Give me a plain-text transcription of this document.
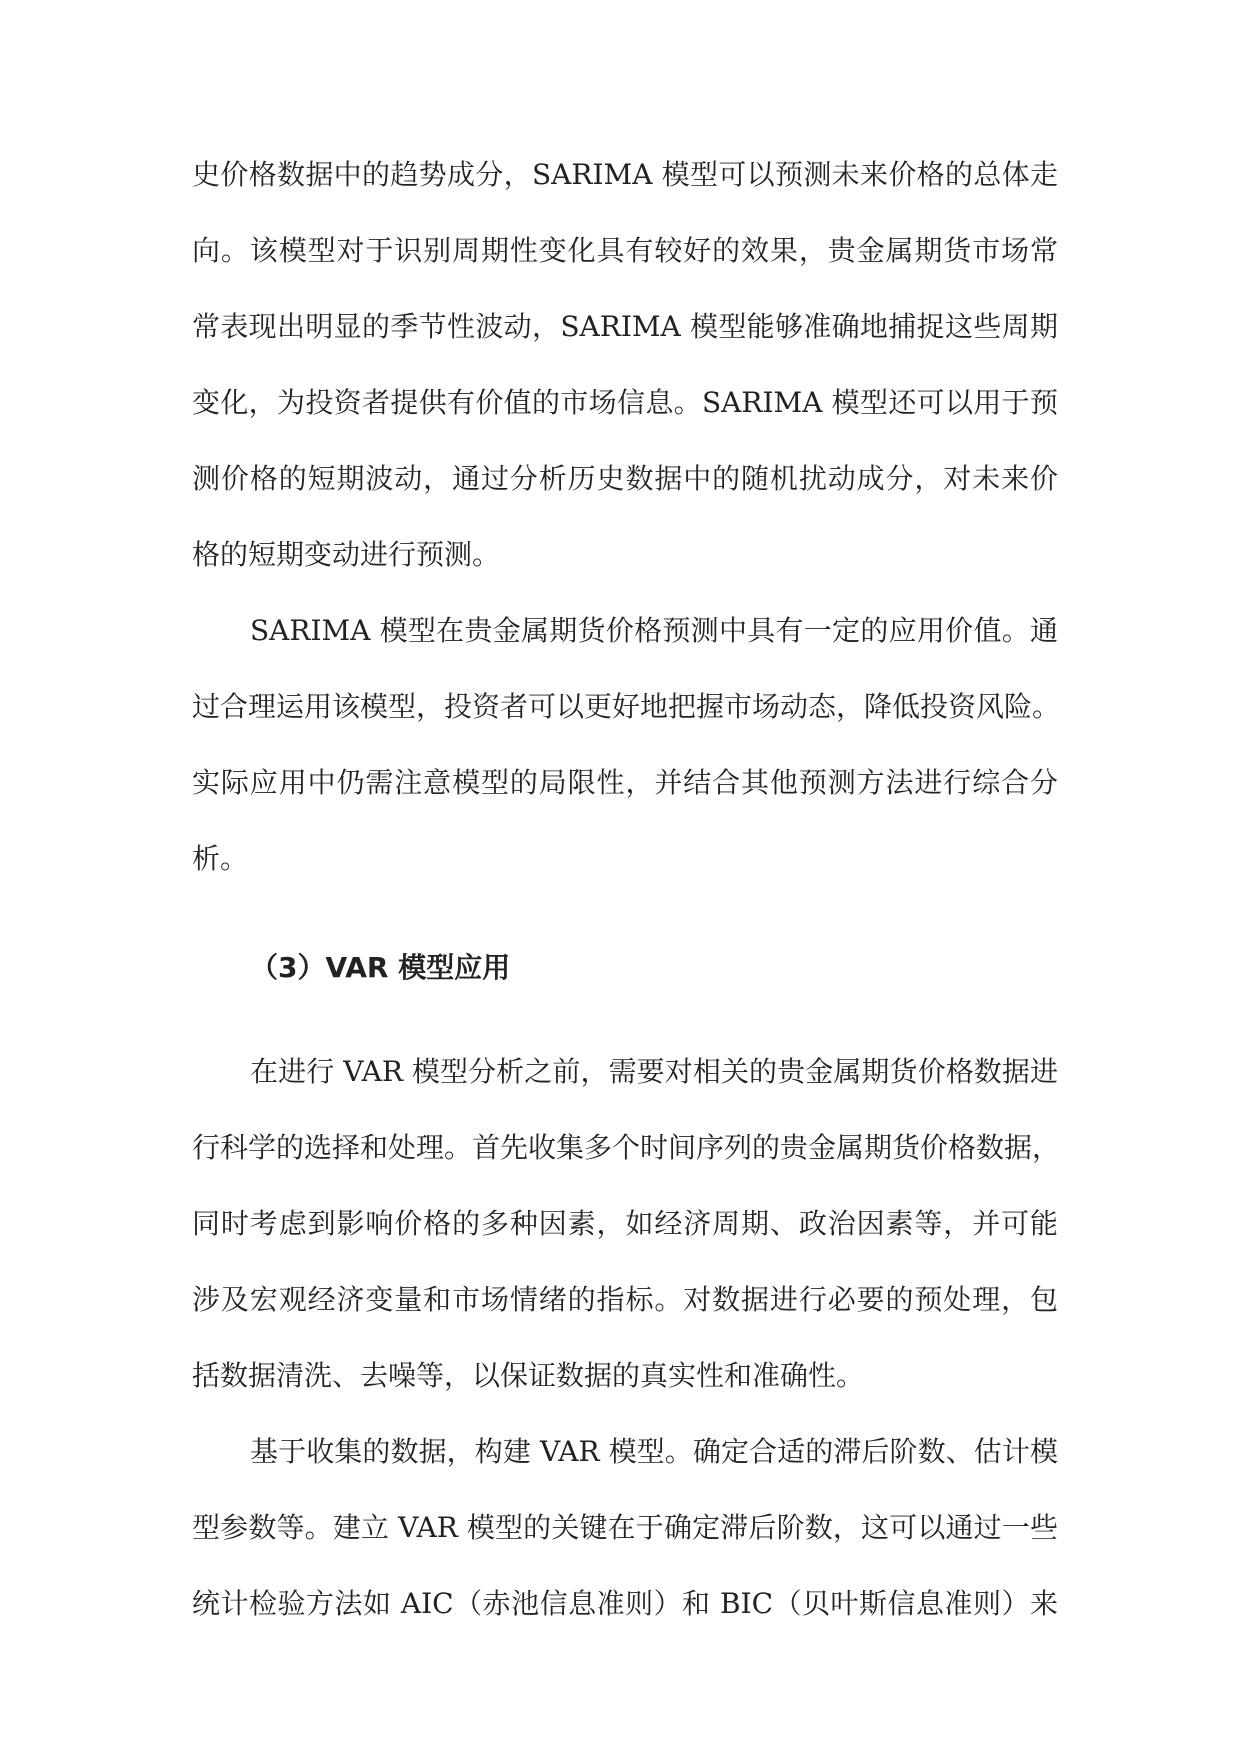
史价格数据中的趋势成分，SARIMA 模型可以预测未来价格的总体走
向。该模型对于识别周期性变化具有较好的效果，贵金属期货市场常
常表现出明显的季节性波动，SARIMA 模型能够准确地捕捉这些周期
变化，为投资者提供有价值的市场信息。SARIMA 模型还可以用于预
测价格的短期波动，通过分析历史数据中的随机扰动成分，对未来价
格的短期变动进行预测。
SARIMA 模型在贵金属期货价格预测中具有一定的应用价值。通
过合理运用该模型，投资者可以更好地把握市场动态，降低投资风险。
实际应用中仍需注意模型的局限性，并结合其他预测方法进行综合分
析。
（3）VAR 模型应用
在进行 VAR 模型分析之前，需要对相关的贵金属期货价格数据进
行科学的选择和处理。首先收集多个时间序列的贵金属期货价格数据，
同时考虑到影响价格的多种因素，如经济周期、政治因素等，并可能
涉及宏观经济变量和市场情绪的指标。对数据进行必要的预处理，包
括数据清洗、去噪等，以保证数据的真实性和准确性。
基于收集的数据，构建 VAR 模型。确定合适的滞后阶数、估计模
型参数等。建立 VAR 模型的关键在于确定滞后阶数，这可以通过一些
统计检验方法如 AIC（赤池信息准则）和 BIC（贝叶斯信息准则）来
